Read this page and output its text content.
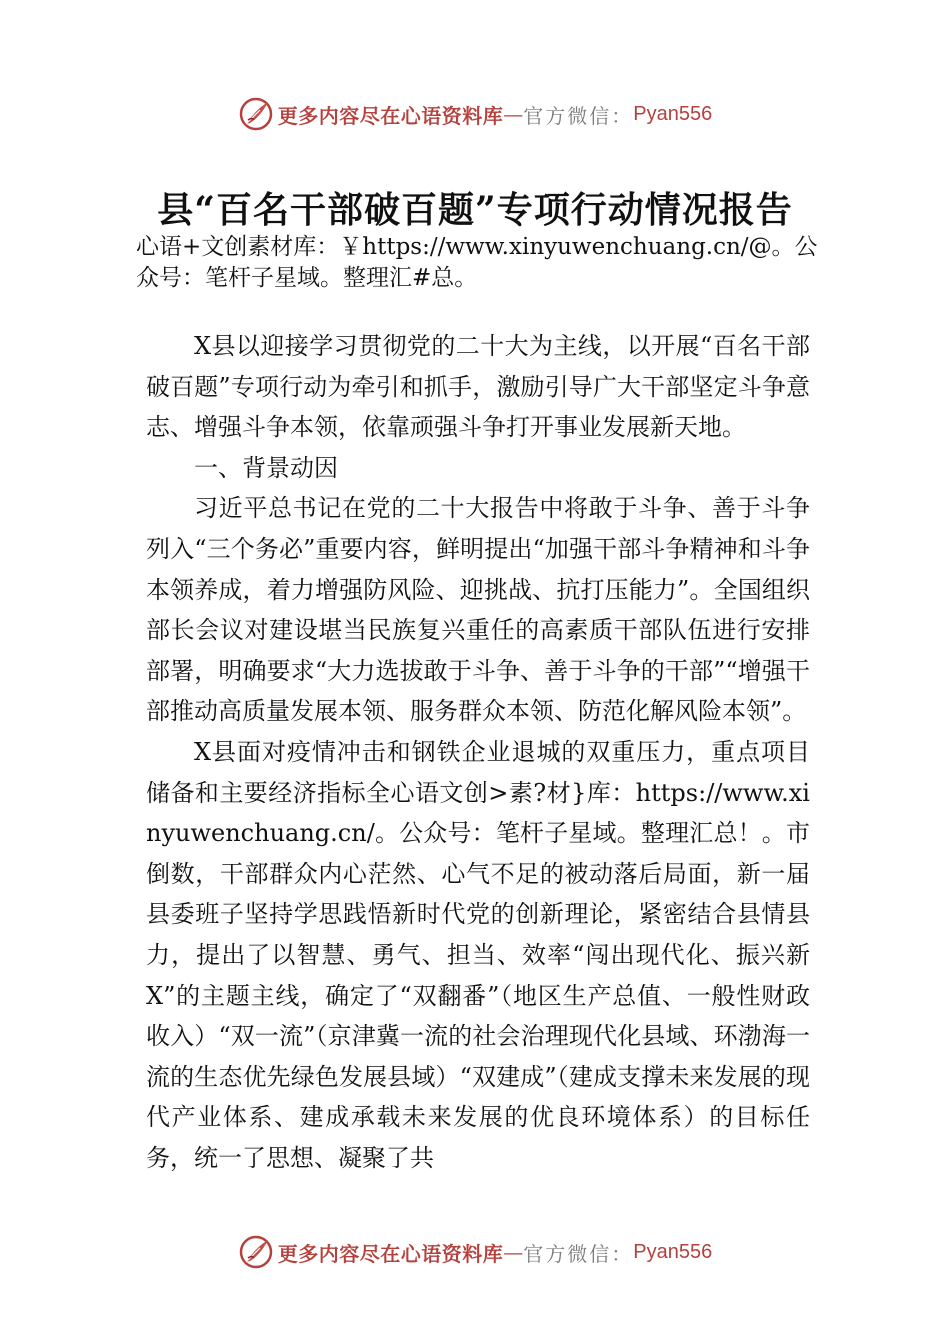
更多内容尽在心语资料库 — 官方微信： Pyan556
县“百名干部破百题”专项行动情况报告
心语+文创素材库：￥https://www.xinyuwenchuang.cn/@。公众号：笔杆子星域。整理汇#总。

X县以迎接学习贯彻党的二十大为主线，以开展“百名干部破百题”专项行动为牵引和抓手，激励引导广大干部坚定斗争意志、增强斗争本领，依靠顽强斗争打开事业发展新天地。

一、背景动因

习近平总书记在党的二十大报告中将敢于斗争、善于斗争列入“三个务必”重要内容，鲜明提出“加强干部斗争精神和斗争本领养成，着力增强防风险、迎挑战、抗打压能力”。全国组织部长会议对建设堪当民族复兴重任的高素质干部队伍进行安排部署，明确要求“大力选拔敢于斗争、善于斗争的干部”“增强干部推动高质量发展本领、服务群众本领、防范化解风险本领”。

X县面对疫情冲击和钢铁企业退城的双重压力，重点项目储备和主要经济指标全心语文创>素?材}库：https://www.xinyuwenchuang.cn/。公众号：笔杆子星域。整理汇总！。市倒数，干部群众内心茫然、心气不足的被动落后局面，新一届县委班子坚持学思践悟新时代党的创新理论，紧密结合县情县力，提出了以智慧、勇气、担当、效率“闯出现代化、振兴新X”的主题主线，确定了“双翻番”（地区生产总值、一般性财政收入）“双一流”（京津冀一流的社会治理现代化县域、环渤海一流的生态优先绿色发展县域）“双建成”（建成支撑未来发展的现代产业体系、建成承载未来发展的优良环境体系）的目标任务，统一了思想、凝聚了共

更多内容尽在心语资料库 — 官方微信： Pyan556
